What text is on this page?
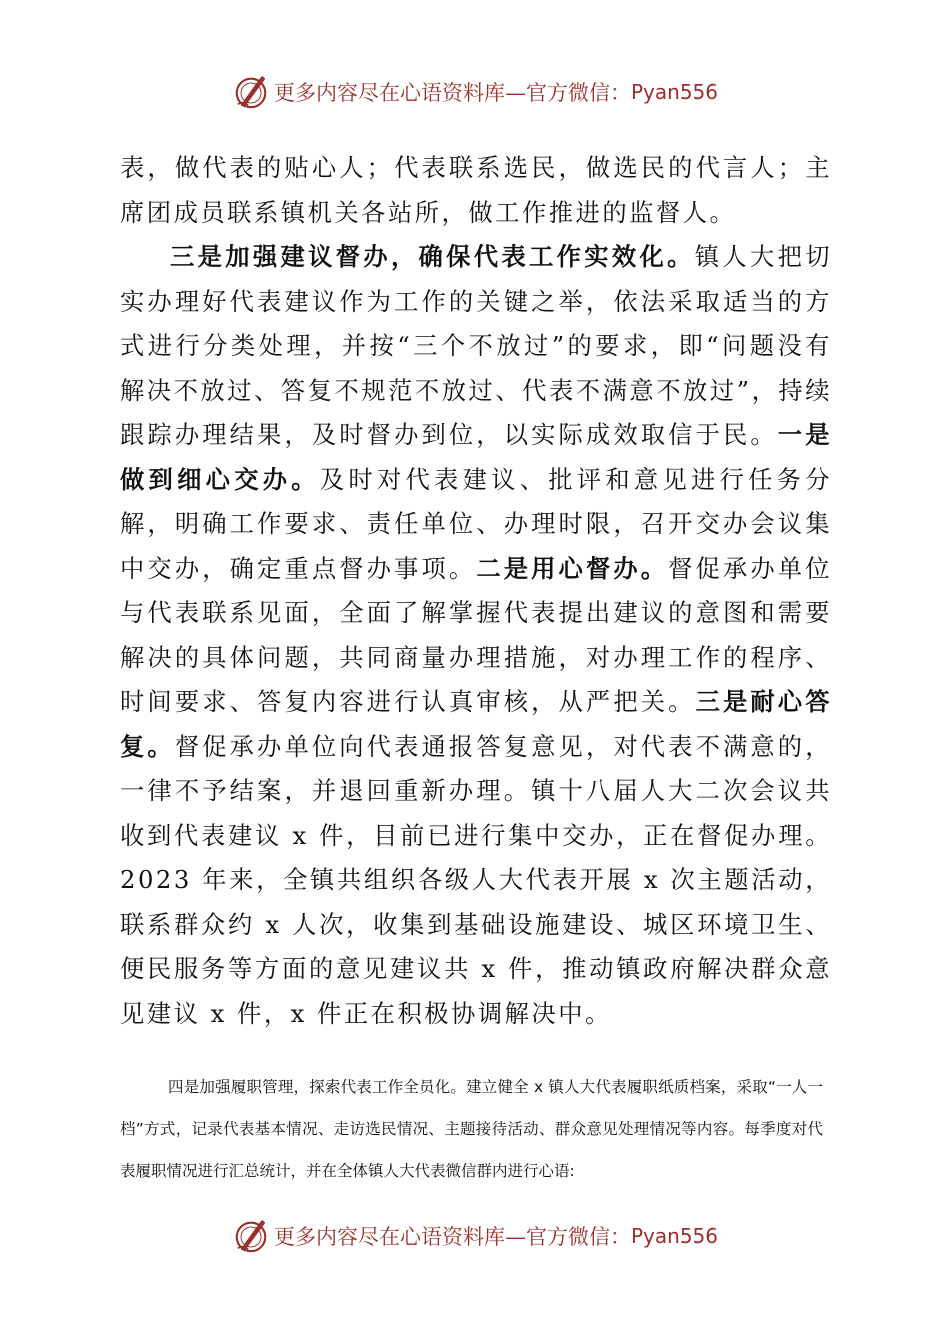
更多内容尽在心语资料库—官方微信： Pyan556

表，做代表的贴心人；代表联系选民，做选民的代言人；主席团成员联系镇机关各站所，做工作推进的监督人。

三是加强建议督办，确保代表工作实效化。镇人大把切实办理好代表建议作为工作的关键之举，依法采取适当的方式进行分类处理，并按“三个不放过”的要求，即“问题没有解决不放过、答复不规范不放过、代表不满意不放过”，持续跟踪办理结果，及时督办到位，以实际成效取信于民。一是做到细心交办。及时对代表建议、批评和意见进行任务分解，明确工作要求、责任单位、办理时限，召开交办会议集中交办，确定重点督办事项。二是用心督办。督促承办单位与代表联系见面，全面了解掌握代表提出建议的意图和需要解决的具体问题，共同商量办理措施，对办理工作的程序、时间要求、答复内容进行认真审核，从严把关。三是耐心答复。督促承办单位向代表通报答复意见，对代表不满意的，一律不予结案，并退回重新办理。镇十八届人大二次会议共收到代表建议 x 件，目前已进行集中交办，正在督促办理。2023 年来，全镇共组织各级人大代表开展 x 次主题活动，联系群众约 x 人次，收集到基础设施建设、城区环境卫生、便民服务等方面的意见建议共 x 件，推动镇政府解决群众意见建议 x 件，x 件正在积极协调解决中。

四是加强履职管理，探索代表工作全员化。建立健全 x 镇人大代表履职纸质档案，采取“一人一档”方式，记录代表基本情况、走访选民情况、主题接待活动、群众意见处理情况等内容。每季度对代表履职情况进行汇总统计，并在全体镇人大代表微信群内进行心语:

更多内容尽在心语资料库—官方微信： Pyan556
